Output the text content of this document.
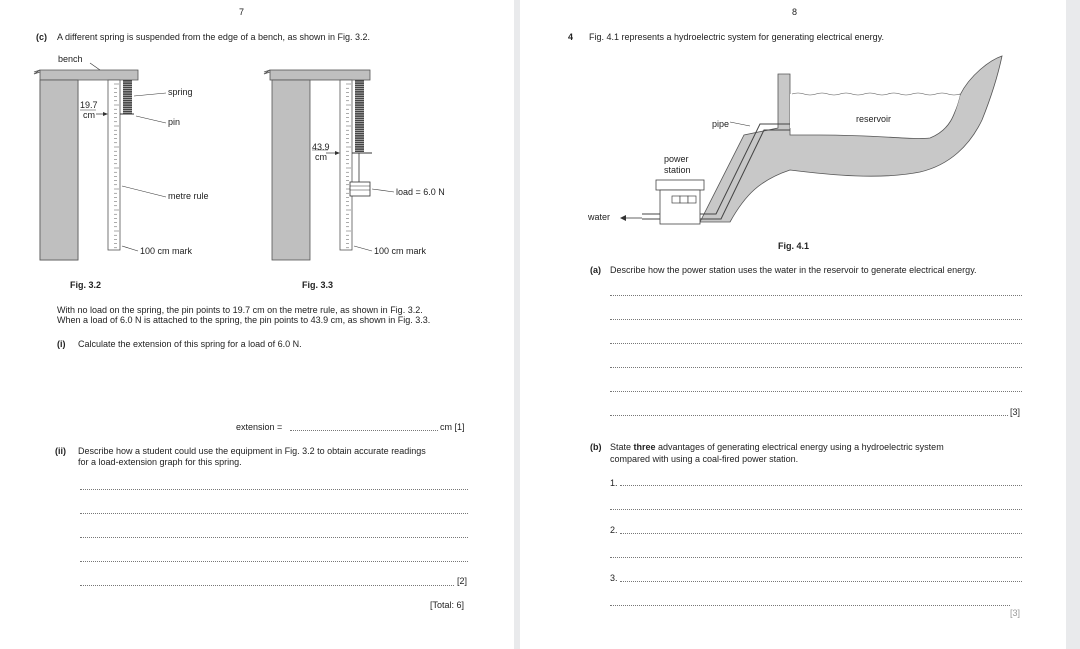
7
(c) A different spring is suspended from the edge of a bench, as shown in Fig. 3.2.
bench
spring
19.7
cm
pin
metre rule
100 cm mark
43.9
cm
load = 6.0 N
100 cm mark
Fig. 3.2	Fig. 3.3
With no load on the spring, the pin points to 19.7 cm on the metre rule, as shown in Fig. 3.2.
When a load of 6.0 N is attached to the spring, the pin points to 43.9 cm, as shown in Fig. 3.3.
(i) Calculate the extension of this spring for a load of 6.0 N.
extension =	cm [1]
(ii) Describe how a student could use the equipment in Fig. 3.2 to obtain accurate readings
for a load-extension graph for this spring.
[2]
[Total: 6]
8
4 Fig. 4.1 represents a hydroelectric system for generating electrical energy.
pipe	reservoir
power
station
water
Fig. 4.1
(a) Describe how the power station uses the water in the reservoir to generate electrical energy.
[3]
(b) State three advantages of generating electrical energy using a hydroelectric system
compared with using a coal-fired power station.
1.
2.
3.
[3]
